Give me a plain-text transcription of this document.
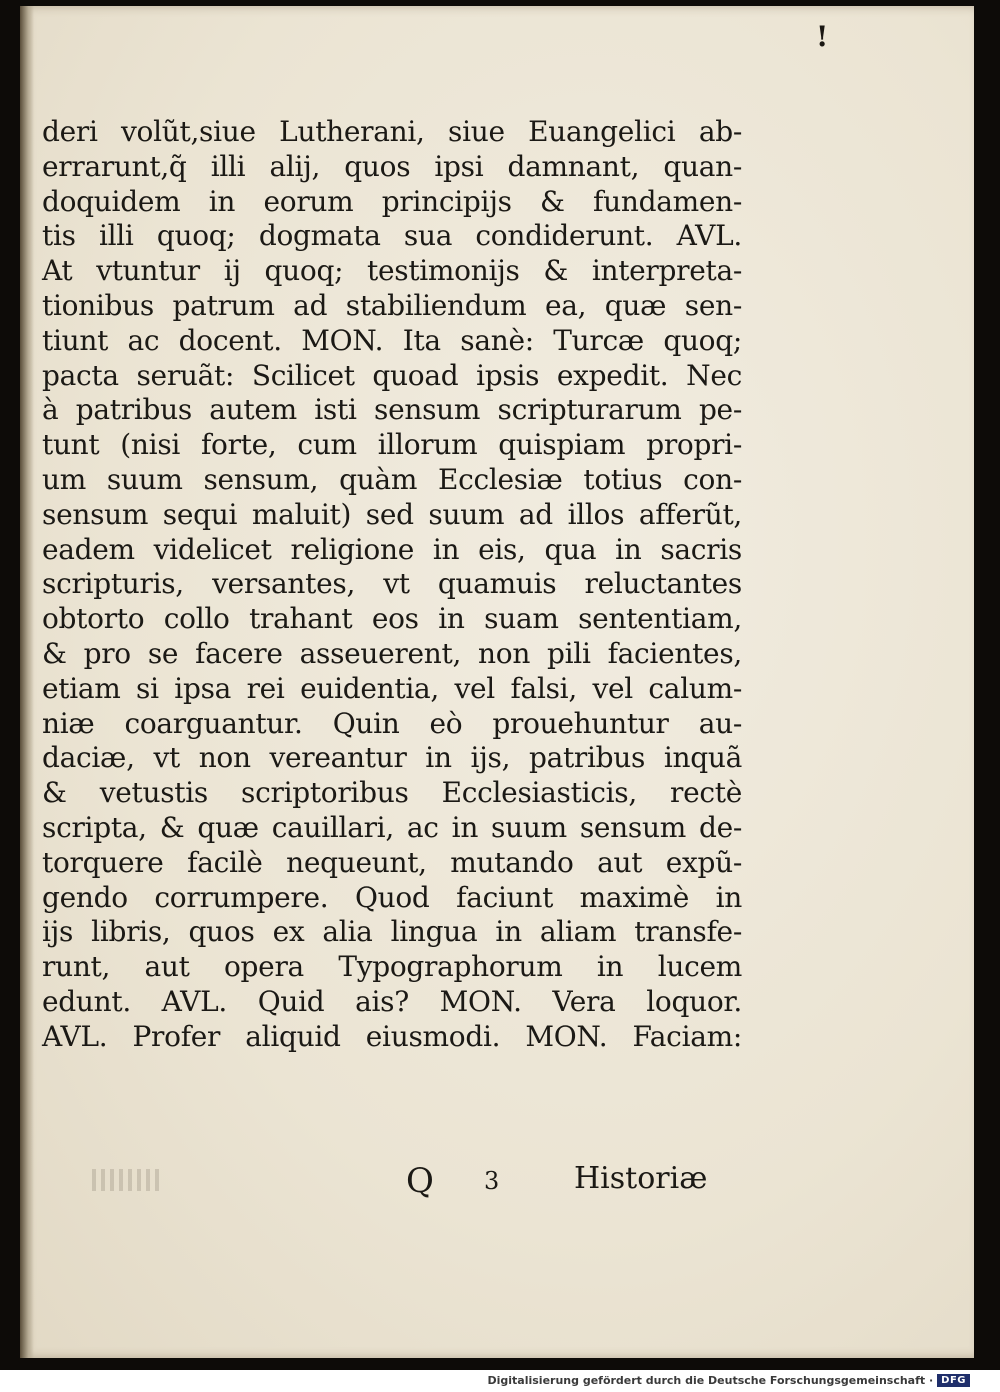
!
deri volũt,siue Lutherani, siue Euangelici ab-
errarunt,q̃ illi alij, quos ipsi damnant, quan-
doquidem in eorum principijs & fundamen-
tis illi quoq; dogmata sua condiderunt. AVL.
At vtuntur ij quoq; testimonijs & interpreta-
tionibus patrum ad stabiliendum ea, quæ sen-
tiunt ac docent. MON. Ita sanè: Turcæ quoq;
pacta seruãt: Scilicet quoad ipsis expedit. Nec
à patribus autem isti sensum scripturarum pe-
tunt (nisi forte, cum illorum quispiam propri-
um suum sensum, quàm Ecclesiæ totius con-
sensum sequi maluit) sed suum ad illos afferũt,
eadem videlicet religione in eis, qua in sacris
scripturis, versantes, vt quamuis reluctantes
obtorto collo trahant eos in suam sententiam,
& pro se facere asseuerent, non pili facientes,
etiam si ipsa rei euidentia, vel falsi, vel calum-
niæ coarguantur. Quin eò prouehuntur au-
daciæ, vt non vereantur in ijs, patribus inquã
& vetustis scriptoribus Ecclesiasticis, rectè
scripta, & quæ cauillari, ac in suum sensum de-
torquere facilè nequeunt, mutando aut expũ-
gendo corrumpere. Quod faciunt maximè in
ijs libris, quos ex alia lingua in aliam transfe-
runt, aut opera Typographorum in lucem
edunt. AVL. Quid ais? MON. Vera loquor.
AVL. Profer aliquid eiusmodi. MON. Faciam:
Q 3 Historiæ
Digitalisierung gefördert durch die Deutsche Forschungsgemeinschaft · DFG
